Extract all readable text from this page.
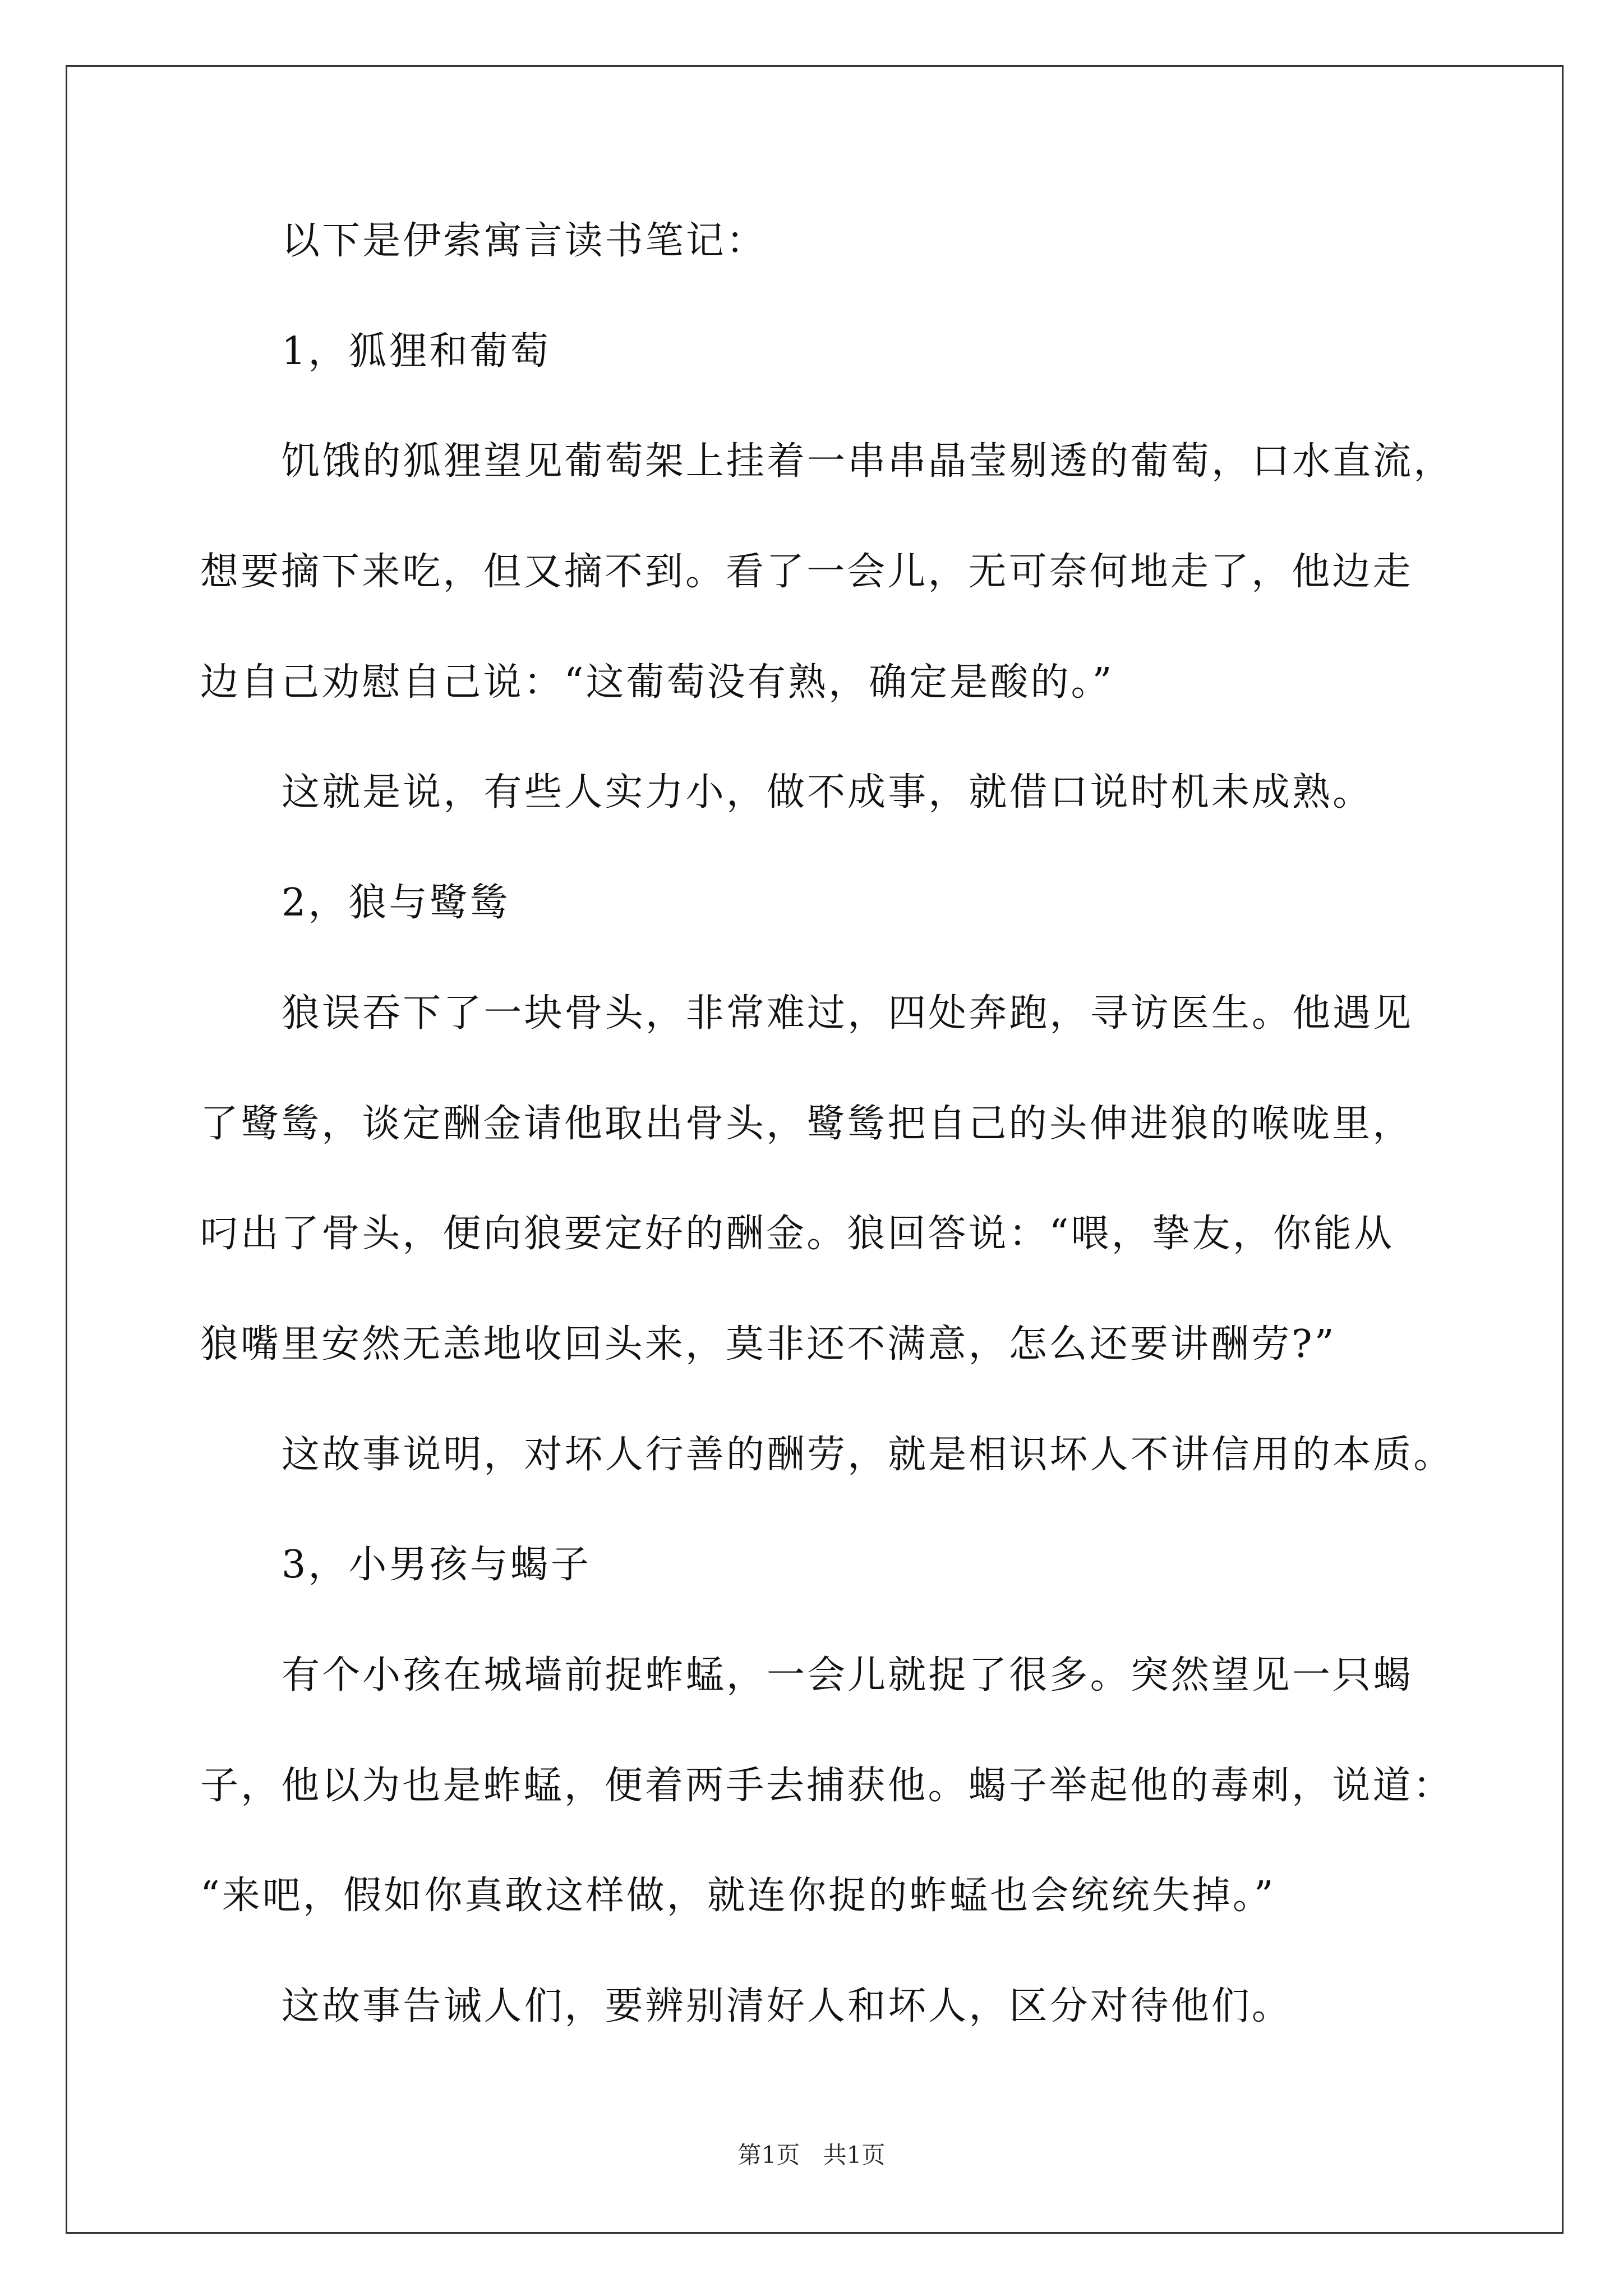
以下是伊索寓言读书笔记：
1，狐狸和葡萄
饥饿的狐狸望见葡萄架上挂着一串串晶莹剔透的葡萄，口水直流，
想要摘下来吃，但又摘不到。看了一会儿，无可奈何地走了，他边走
边自己劝慰自己说：“这葡萄没有熟，确定是酸的。”
这就是说，有些人实力小，做不成事，就借口说时机未成熟。
2，狼与鹭鸶
狼误吞下了一块骨头，非常难过，四处奔跑，寻访医生。他遇见
了鹭鸶，谈定酬金请他取出骨头，鹭鸶把自己的头伸进狼的喉咙里，
叼出了骨头，便向狼要定好的酬金。狼回答说：“喂，挚友，你能从
狼嘴里安然无恙地收回头来，莫非还不满意，怎么还要讲酬劳?”
这故事说明，对坏人行善的酬劳，就是相识坏人不讲信用的本质。
3，小男孩与蝎子
有个小孩在城墙前捉蚱蜢，一会儿就捉了很多。突然望见一只蝎
子，他以为也是蚱蜢，便着两手去捕获他。蝎子举起他的毒刺，说道：
“来吧，假如你真敢这样做，就连你捉的蚱蜢也会统统失掉。”
这故事告诫人们，要辨别清好人和坏人，区分对待他们。
第1页 共1页
